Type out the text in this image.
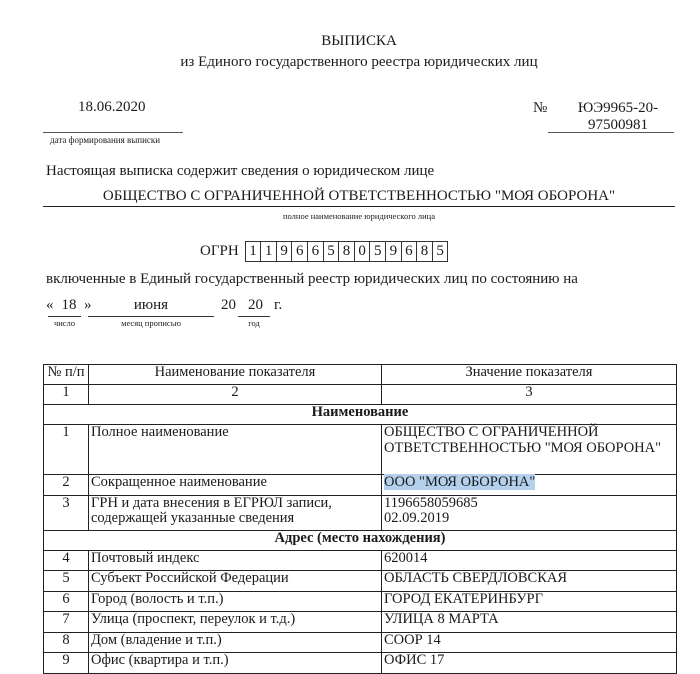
ВЫПИСКА
из Единого государственного реестра юридических лиц
18.06.2020
дата формирования выписки
№	ЮЭ9965-20-97500981
Настоящая выписка содержит сведения о юридическом лице
ОБЩЕСТВО С ОГРАНИЧЕННОЙ ОТВЕТСТВЕННОСТЬЮ "МОЯ ОБОРОНА"
полное наименование юридического лица
ОГРН 1 1 9 6 6 5 8 0 5 9 6 8 5
включенные в Единый государственный реестр юридических лиц по состоянию на
« 18 »	июня	20 20 г.
число	месяц прописью	год
№ п/п	Наименование показателя	Значение показателя
1	2	3
Наименование		
1	Полное наименование	ОБЩЕСТВО С ОГРАНИЧЕННОЙ ОТВЕТСТВЕННОСТЬЮ "МОЯ ОБОРОНА"
2	Сокращенное наименование	ООО "МОЯ ОБОРОНА"
3	ГРН и дата внесения в ЕГРЮЛ записи, содержащей указанные сведения	1196658059685
02.09.2019

Адрес (место нахождения)		
4	Почтовый индекс	620014
5	Субъект Российской Федерации	ОБЛАСТЬ СВЕРДЛОВСКАЯ
6	Город (волость и т.п.)	ГОРОД ЕКАТЕРИНБУРГ
7	Улица (проспект, переулок и т.д.)	УЛИЦА 8 МАРТА
8	Дом (владение и т.п.)	СООР 14
9	Офис (квартира и т.п.)	ОФИС 17
